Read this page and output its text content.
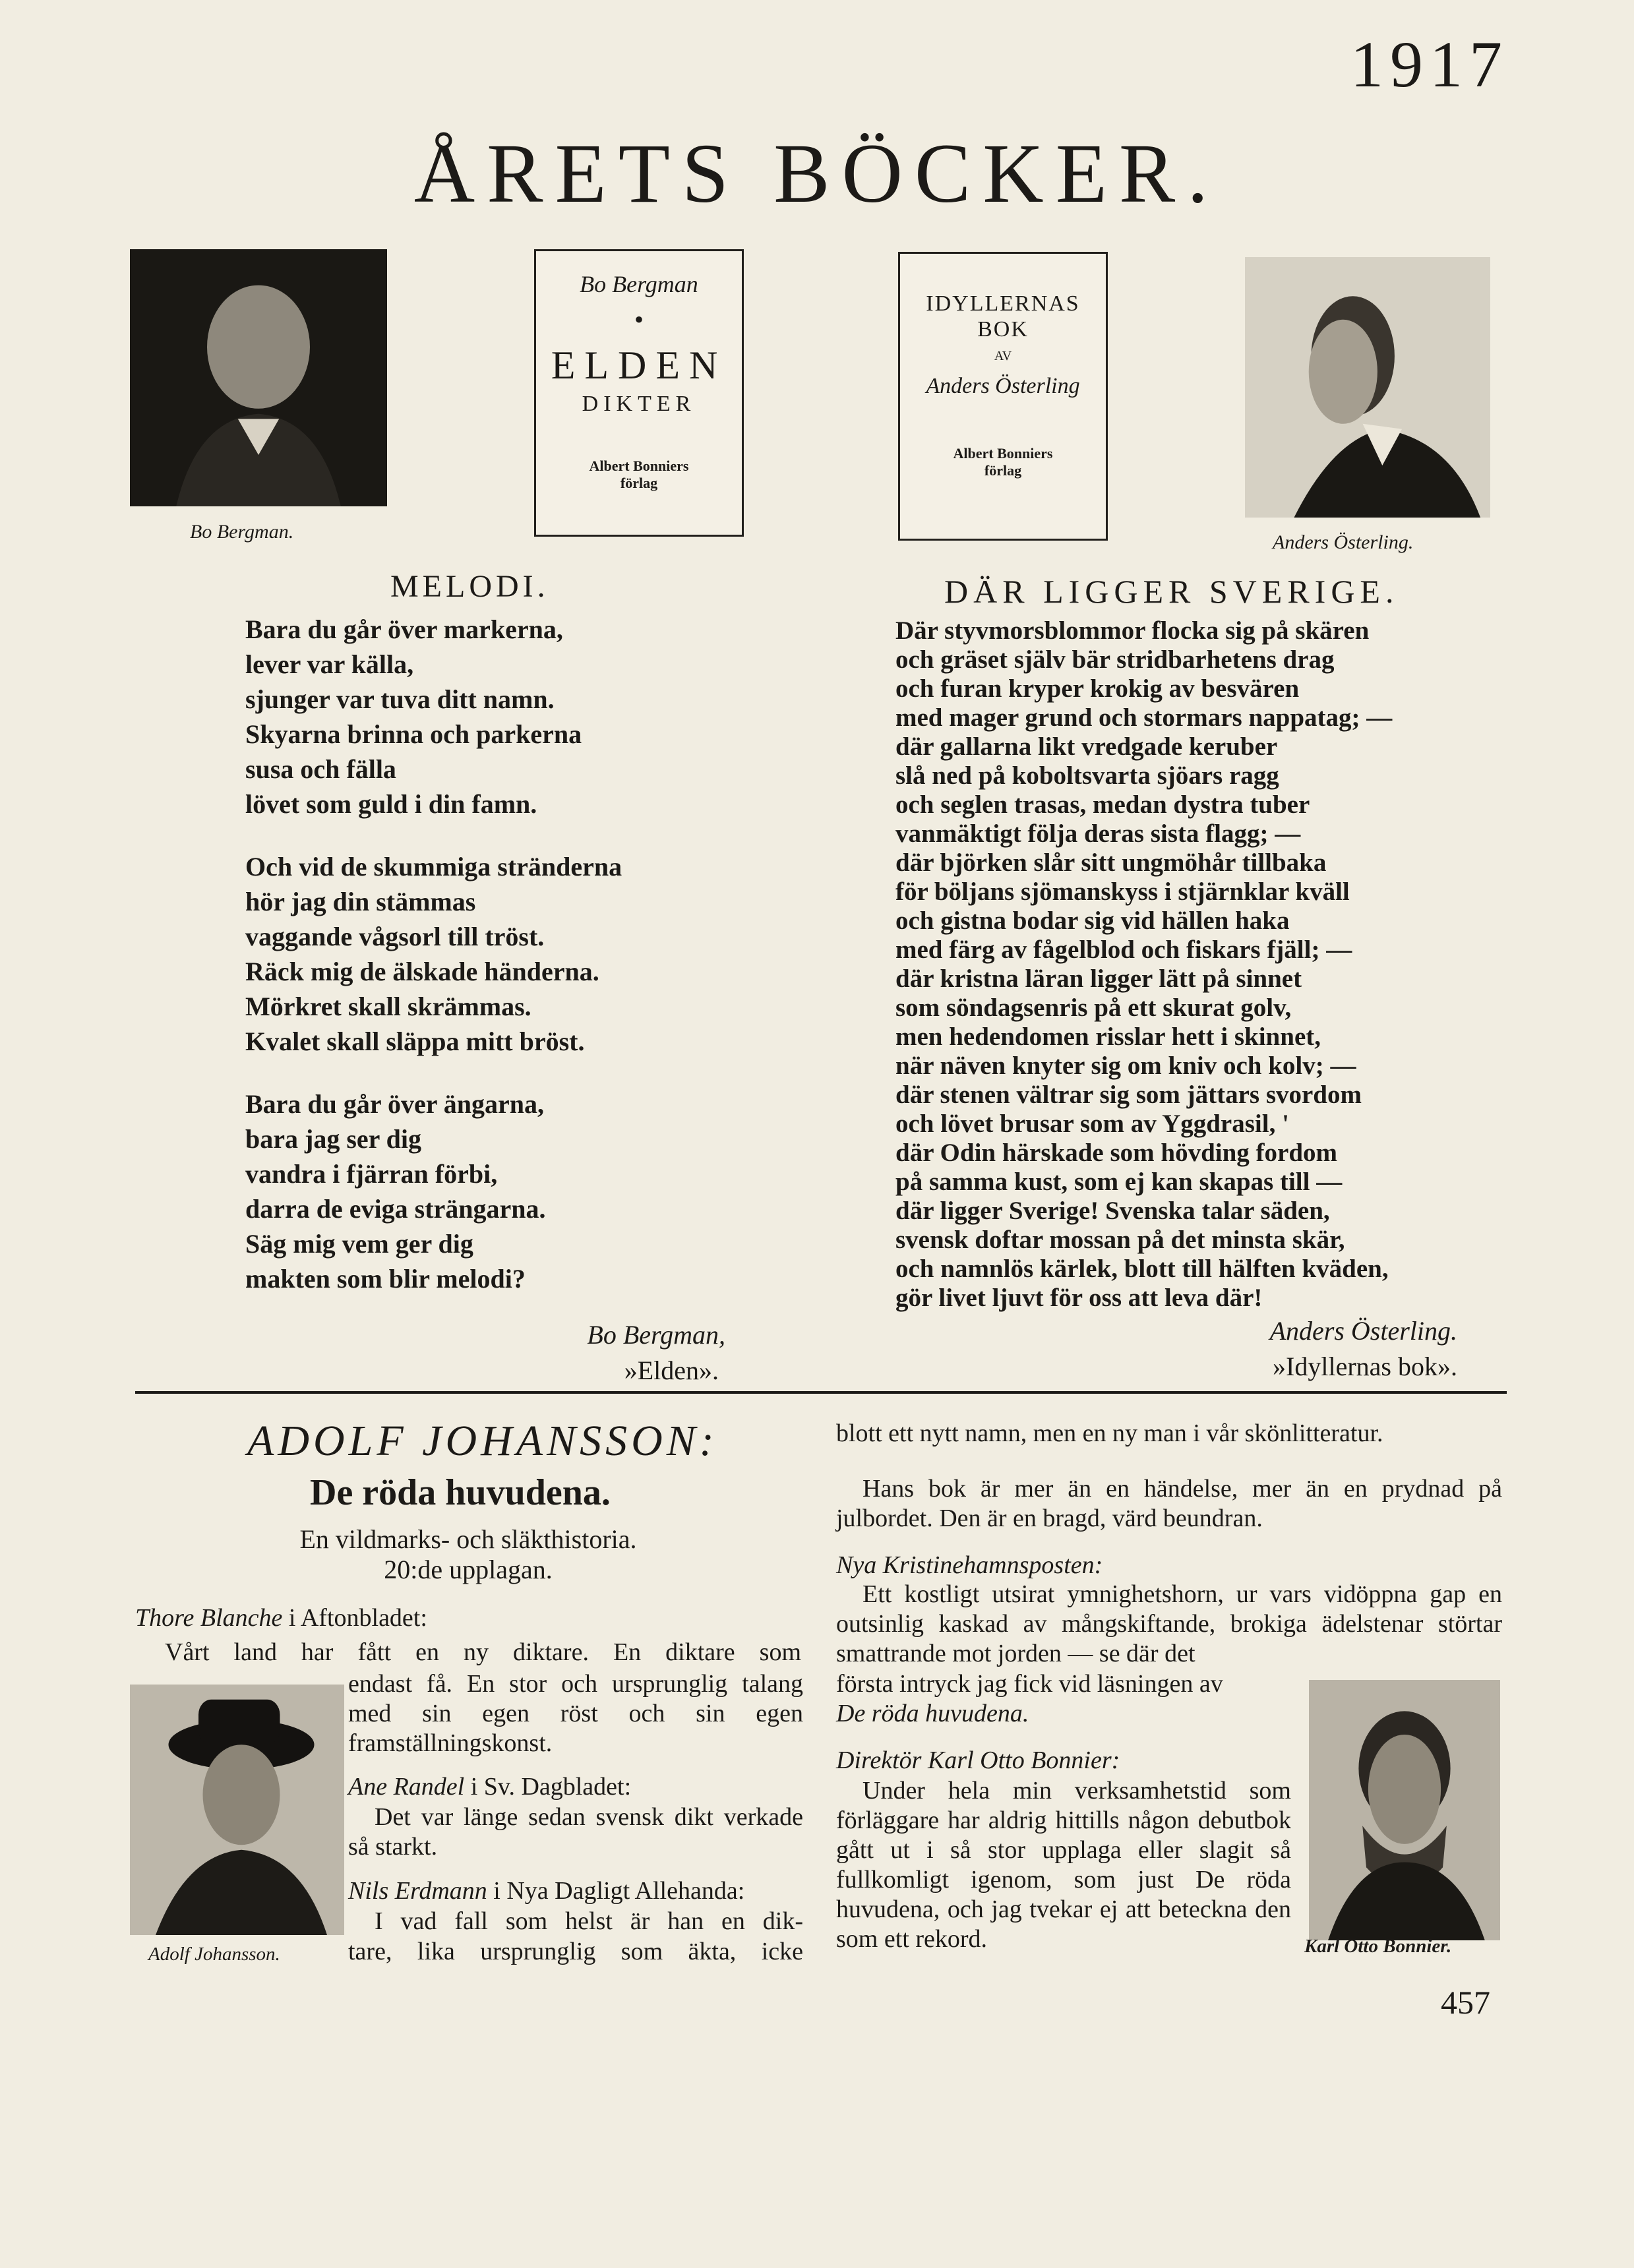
1917
ÅRETS BÖCKER.
Bo Bergman.
Bo Bergman
•
ELDEN
DIKTER
Albert Bonniers
förlag
IDYLLERNAS
BOK
AV
Anders Österling
Albert Bonniers
förlag
Anders Österling.
MELODI.
Bara du går över markerna,
lever var källa,
sjunger var tuva ditt namn.
Skyarna brinna och parkerna
susa och fälla
lövet som guld i din famn.
Och vid de skummiga stränderna
hör jag din stämmas
vaggande vågsorl till tröst.
Räck mig de älskade händerna.
Mörkret skall skrämmas.
Kvalet skall släppa mitt bröst.
Bara du går över ängarna,
bara jag ser dig
vandra i fjärran förbi,
darra de eviga strängarna.
Säg mig vem ger dig
makten som blir melodi?
Bo Bergman,
»Elden».
DÄR LIGGER SVERIGE.
Där styvmorsblommor flocka sig på skären
och gräset själv bär stridbarhetens drag
och furan kryper krokig av besvären
med mager grund och stormars nappatag; —
där gallarna likt vredgade keruber
slå ned på koboltsvarta sjöars ragg
och seglen trasas, medan dystra tuber
vanmäktigt följa deras sista flagg; —
där björken slår sitt ungmöhår tillbaka
för böljans sjömanskyss i stjärnklar kväll
och gistna bodar sig vid hällen haka
med färg av fågelblod och fiskars fjäll; —
där kristna läran ligger lätt på sinnet
som söndagsenris på ett skurat golv,
men hedendomen risslar hett i skinnet,
när näven knyter sig om kniv och kolv; —
där stenen vältrar sig som jättars svordom
och lövet brusar som av Yggdrasil, '
där Odin härskade som hövding fordom
på samma kust, som ej kan skapas till —
där ligger Sverige! Svenska talar säden,
svensk doftar mossan på det minsta skär,
och namnlös kärlek, blott till hälften kväden,
gör livet ljuvt för oss att leva där!
Anders Österling.
»Idyllernas bok».
ADOLF JOHANSSON:
De röda huvudena.
En vildmarks- och släkthistoria.
20:de upplagan.
Thore Blanche i Aftonbladet:
Vårt land har fått en ny diktare. En diktare som
Adolf Johansson.
endast få. En stor och ursprunglig talang med sin egen röst och sin egen framställningskonst.
Ane Randel i Sv. Dagbladet:
Det var länge sedan svensk dikt verkade så starkt.
Nils Erdmann i Nya Dagligt Allehanda:
I vad fall som helst är han en dik-
tare, lika ursprunglig som äkta, icke
blott ett nytt namn, men en ny man i vår skönlitteratur.
Hans bok är mer än en händelse, mer än en prydnad på julbordet. Den är en bragd, värd beundran.
Nya Kristinehamnsposten:
Ett kostligt utsirat ymnighetshorn, ur vars vidöppna gap en outsinlig kaskad av mångskiftande, brokiga ädelstenar störtar smattrande mot jorden — se där det
första intryck jag fick vid läsningen av
De röda huvudena.
Karl Otto Bonnier.
Direktör Karl Otto Bonnier:
Under hela min verksamhetstid som förläggare har aldrig hittills någon debutbok gått ut i så stor upplaga eller slagit så fullkomligt igenom, som just De röda huvudena, och jag tvekar ej att beteckna den som ett rekord.
457
